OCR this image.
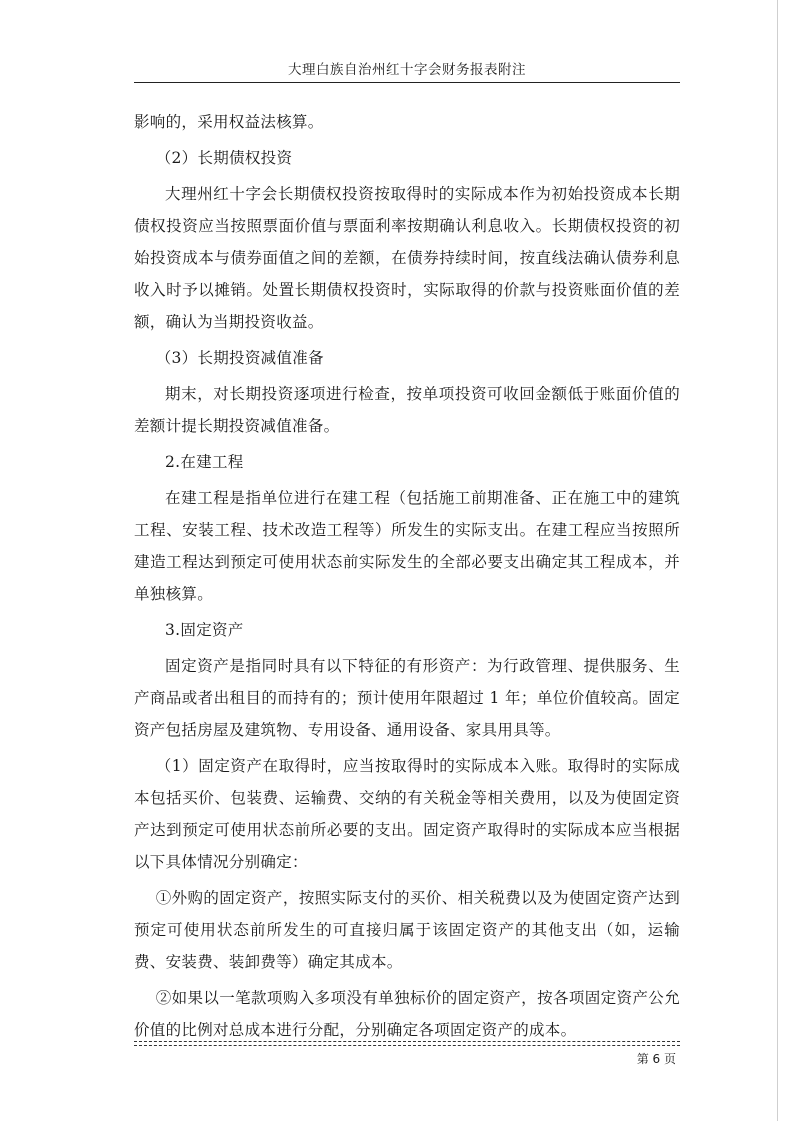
大理白族自治州红十字会财务报表附注

影响的，采用权益法核算。

（2）长期债权投资

大理州红十字会长期债权投资按取得时的实际成本作为初始投资成本长期债权投资应当按照票面价值与票面利率按期确认利息收入。长期债权投资的初始投资成本与债券面值之间的差额，在债券持续时间，按直线法确认债券利息收入时予以摊销。处置长期债权投资时，实际取得的价款与投资账面价值的差额，确认为当期投资收益。

（3）长期投资减值准备

期末，对长期投资逐项进行检查，按单项投资可收回金额低于账面价值的差额计提长期投资减值准备。

2.在建工程

在建工程是指单位进行在建工程（包括施工前期准备、正在施工中的建筑工程、安装工程、技术改造工程等）所发生的实际支出。在建工程应当按照所建造工程达到预定可使用状态前实际发生的全部必要支出确定其工程成本，并单独核算。

3.固定资产

固定资产是指同时具有以下特征的有形资产：为行政管理、提供服务、生产商品或者出租目的而持有的；预计使用年限超过 1 年；单位价值较高。固定资产包括房屋及建筑物、专用设备、通用设备、家具用具等。

（1）固定资产在取得时，应当按取得时的实际成本入账。取得时的实际成本包括买价、包装费、运输费、交纳的有关税金等相关费用，以及为使固定资产达到预定可使用状态前所必要的支出。固定资产取得时的实际成本应当根据以下具体情况分别确定：

①外购的固定资产，按照实际支付的买价、相关税费以及为使固定资产达到预定可使用状态前所发生的可直接归属于该固定资产的其他支出（如，运输费、安装费、装卸费等）确定其成本。

②如果以一笔款项购入多项没有单独标价的固定资产，按各项固定资产公允价值的比例对总成本进行分配，分别确定各项固定资产的成本。

第 6 页
